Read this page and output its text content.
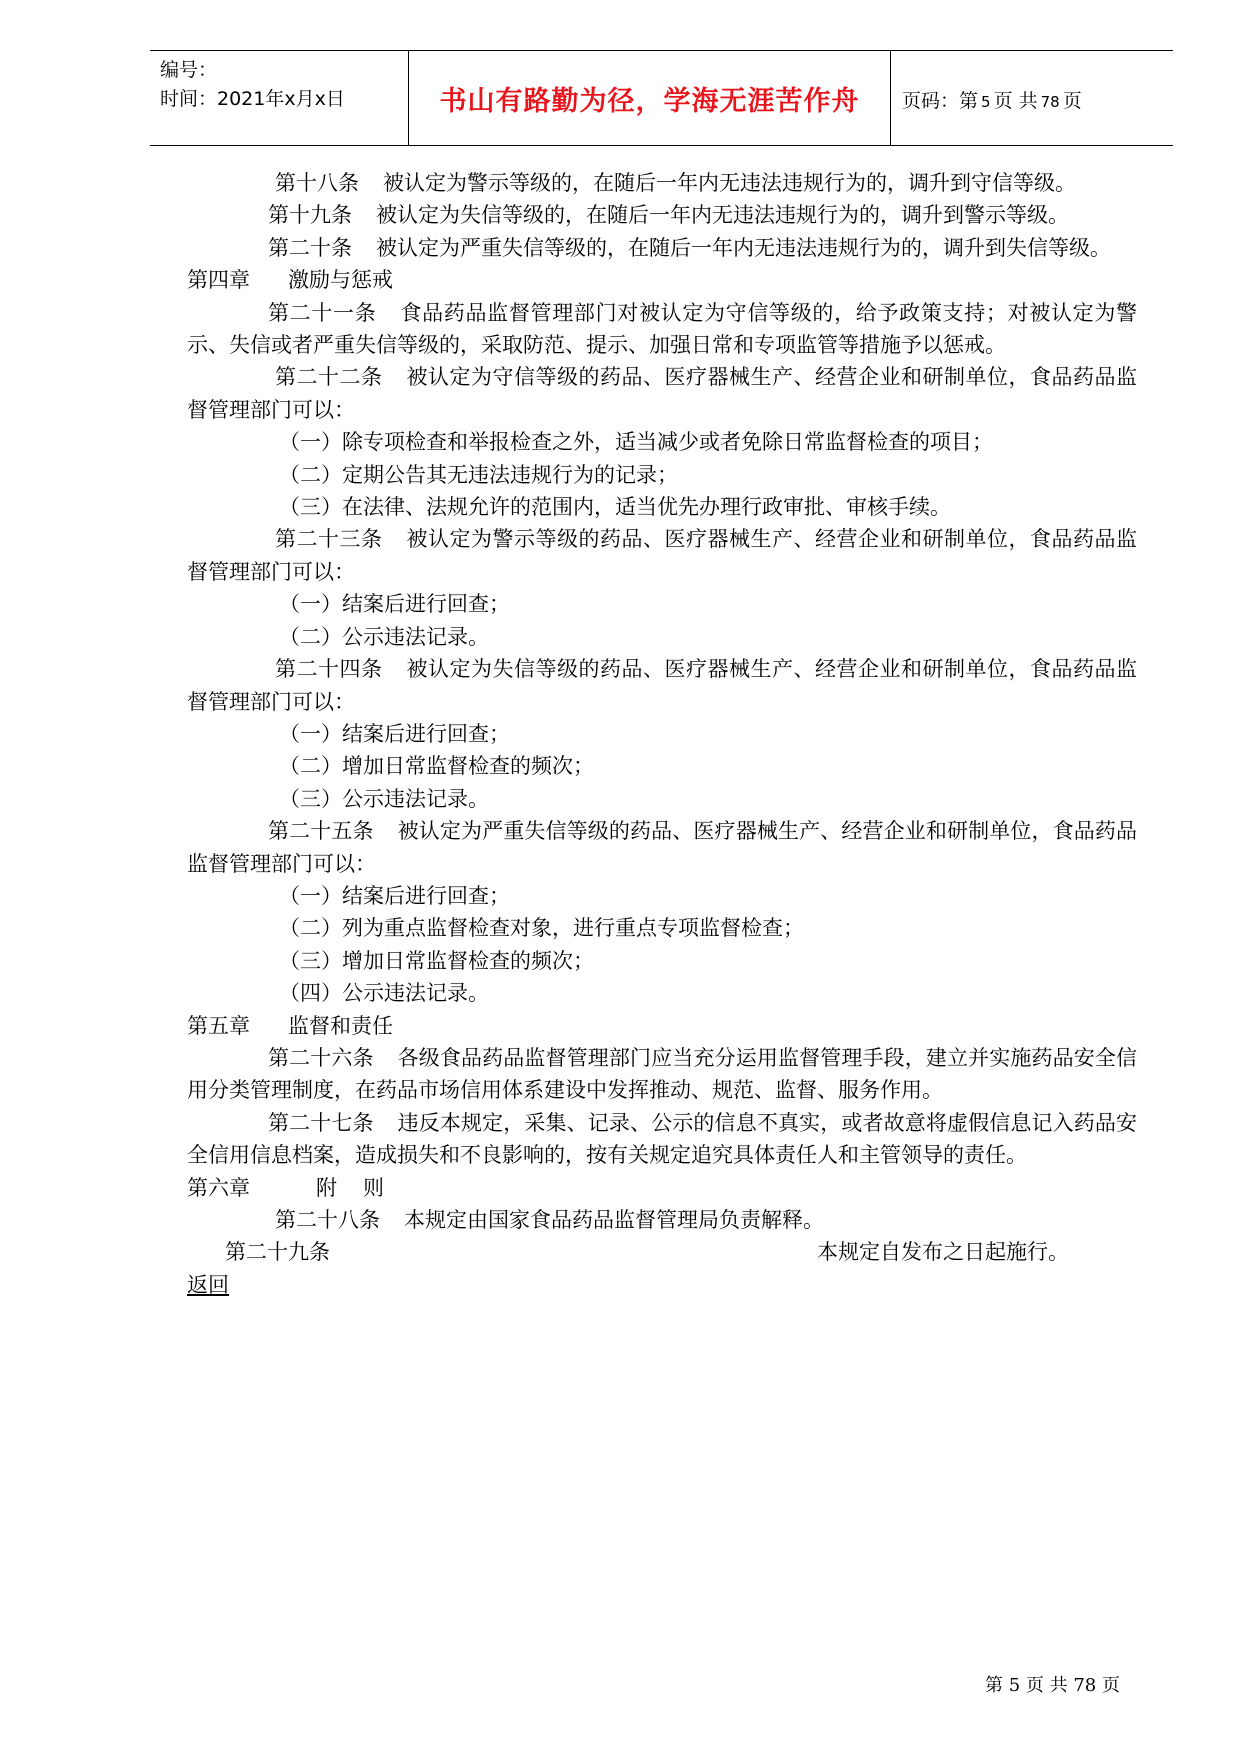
编号：
时间：2021年x月x日	书山有路勤为径，学海无涯苦作舟	页码：第 5 页 共 78 页

第十八条 被认定为警示等级的，在随后一年内无违法违规行为的，调升到守信等级。

第十九条 被认定为失信等级的，在随后一年内无违法违规行为的，调升到警示等级。

第二十条 被认定为严重失信等级的，在随后一年内无违法违规行为的，调升到失信等级。

第四章 激励与惩戒

第二十一条 食品药品监督管理部门对被认定为守信等级的，给予政策支持；对被认定为警示、失信或者严重失信等级的，采取防范、提示、加强日常和专项监管等措施予以惩戒。

第二十二条 被认定为守信等级的药品、医疗器械生产、经营企业和研制单位，食品药品监督管理部门可以：

（一）除专项检查和举报检查之外，适当减少或者免除日常监督检查的项目；

（二）定期公告其无违法违规行为的记录；

（三）在法律、法规允许的范围内，适当优先办理行政审批、审核手续。

第二十三条 被认定为警示等级的药品、医疗器械生产、经营企业和研制单位，食品药品监督管理部门可以：

（一）结案后进行回查；

（二）公示违法记录。

第二十四条 被认定为失信等级的药品、医疗器械生产、经营企业和研制单位，食品药品监督管理部门可以：

（一）结案后进行回查；

（二）增加日常监督检查的频次；

（三）公示违法记录。

第二十五条 被认定为严重失信等级的药品、医疗器械生产、经营企业和研制单位，食品药品监督管理部门可以：

（一）结案后进行回查；

（二）列为重点监督检查对象，进行重点专项监督检查；

（三）增加日常监督检查的频次；

（四）公示违法记录。

第五章 监督和责任

第二十六条 各级食品药品监督管理部门应当充分运用监督管理手段，建立并实施药品安全信用分类管理制度，在药品市场信用体系建设中发挥推动、规范、监督、服务作用。

第二十七条 违反本规定，采集、记录、公示的信息不真实，或者故意将虚假信息记入药品安全信用信息档案，造成损失和不良影响的，按有关规定追究具体责任人和主管领导的责任。

第六章	附则

第二十八条 本规定由国家食品药品监督管理局负责解释。

第二十九条	本规定自发布之日起施行。

返回

第 5 页 共 78 页
